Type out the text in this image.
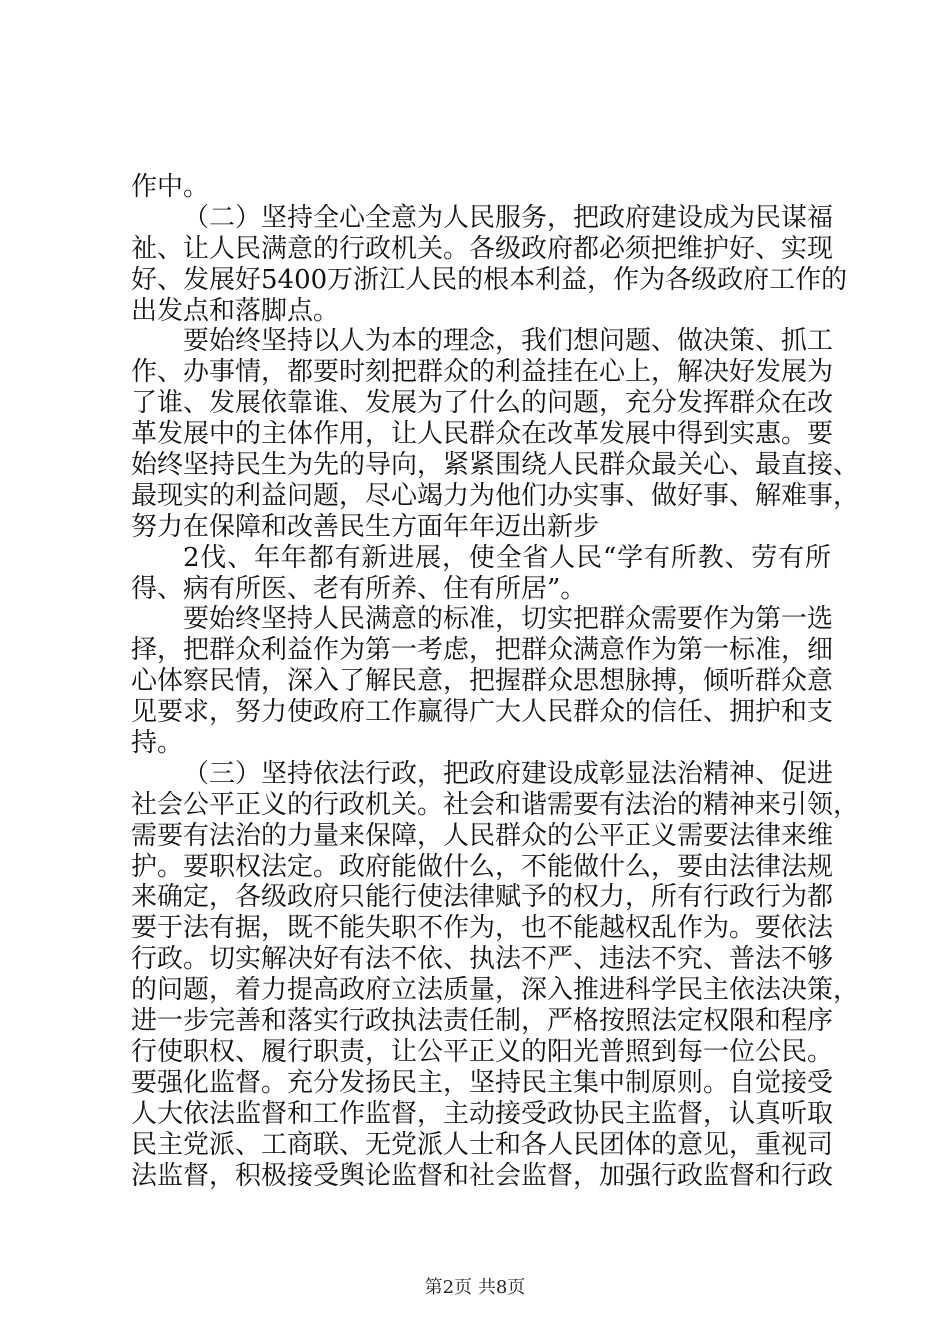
作中。
（二）坚持全心全意为人民服务，把政府建设成为民谋福
祉、让人民满意的行政机关。各级政府都必须把维护好、实现
好、发展好5400万浙江人民的根本利益，作为各级政府工作的
出发点和落脚点。
要始终坚持以人为本的理念，我们想问题、做决策、抓工
作、办事情，都要时刻把群众的利益挂在心上，解决好发展为
了谁、发展依靠谁、发展为了什么的问题，充分发挥群众在改
革发展中的主体作用，让人民群众在改革发展中得到实惠。要
始终坚持民生为先的导向，紧紧围绕人民群众最关心、最直接、
最现实的利益问题，尽心竭力为他们办实事、做好事、解难事，
努力在保障和改善民生方面年年迈出新步
2伐、年年都有新进展，使全省人民“学有所教、劳有所
得、病有所医、老有所养、住有所居”。
要始终坚持人民满意的标准，切实把群众需要作为第一选
择，把群众利益作为第一考虑，把群众满意作为第一标准，细
心体察民情，深入了解民意，把握群众思想脉搏，倾听群众意
见要求，努力使政府工作赢得广大人民群众的信任、拥护和支
持。
（三）坚持依法行政，把政府建设成彰显法治精神、促进
社会公平正义的行政机关。社会和谐需要有法治的精神来引领，
需要有法治的力量来保障，人民群众的公平正义需要法律来维
护。要职权法定。政府能做什么，不能做什么，要由法律法规
来确定，各级政府只能行使法律赋予的权力，所有行政行为都
要于法有据，既不能失职不作为，也不能越权乱作为。要依法
行政。切实解决好有法不依、执法不严、违法不究、普法不够
的问题，着力提高政府立法质量，深入推进科学民主依法决策，
进一步完善和落实行政执法责任制，严格按照法定权限和程序
行使职权、履行职责，让公平正义的阳光普照到每一位公民。
要强化监督。充分发扬民主，坚持民主集中制原则。自觉接受
人大依法监督和工作监督，主动接受政协民主监督，认真听取
民主党派、工商联、无党派人士和各人民团体的意见，重视司
法监督，积极接受舆论监督和社会监督，加强行政监督和行政
第2页 共8页
